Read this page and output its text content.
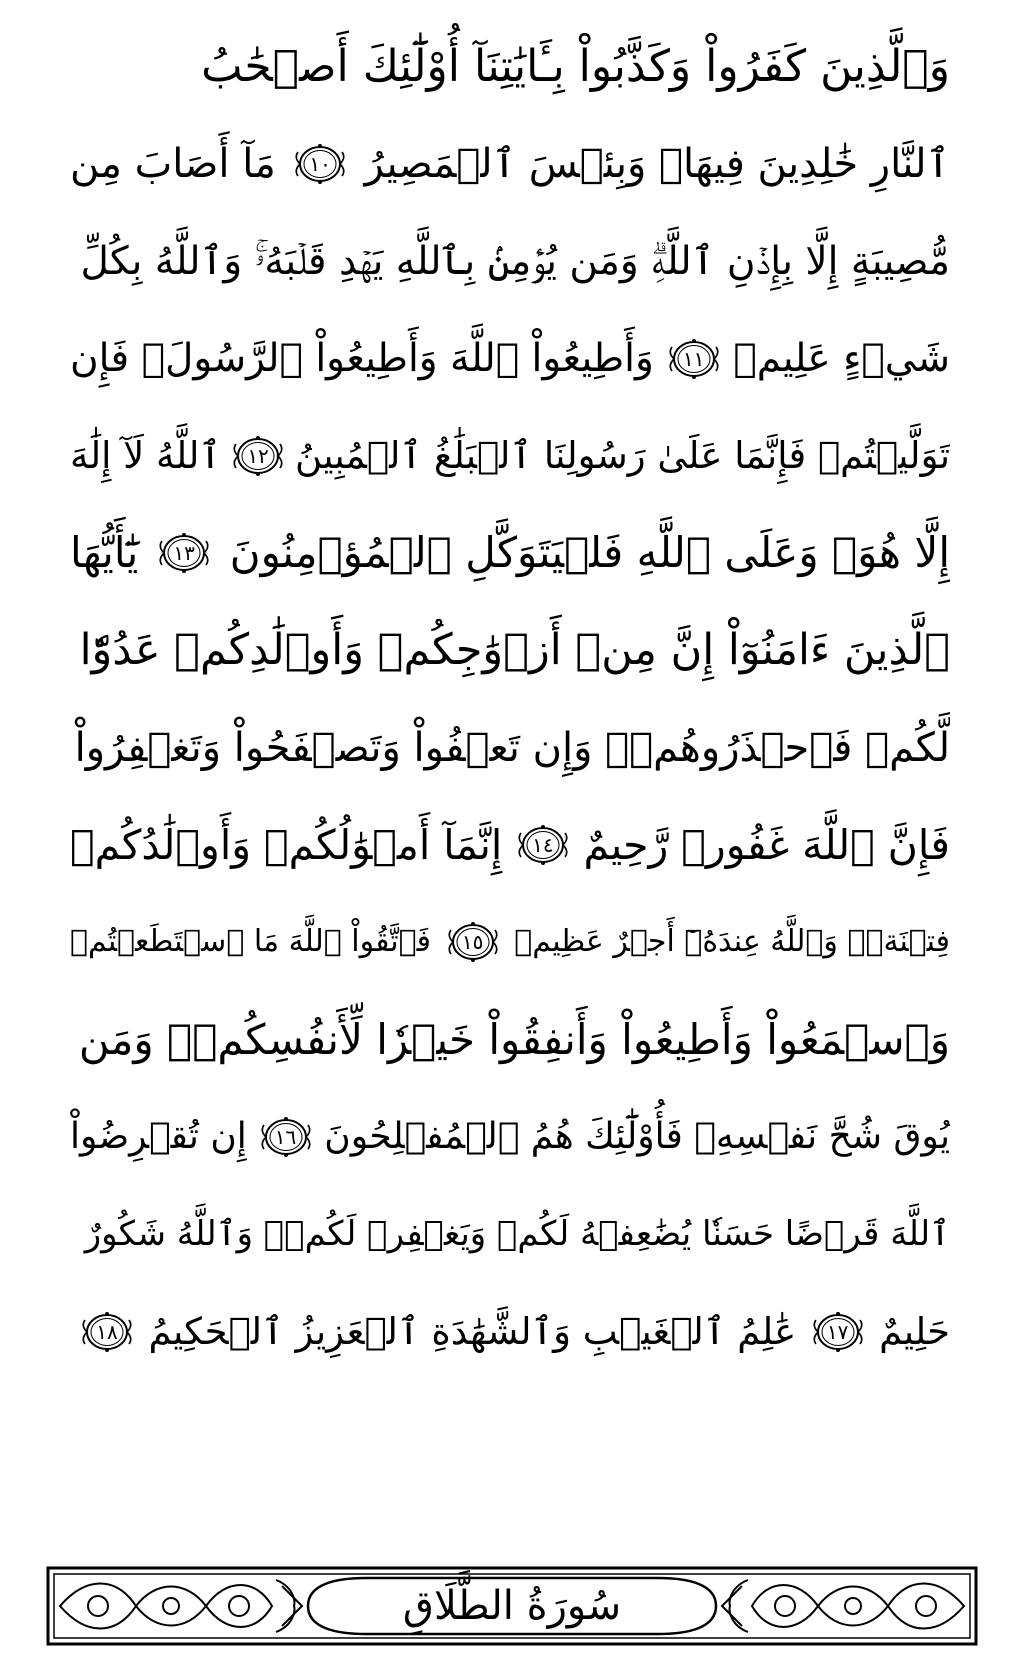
وَٱلَّذِينَ كَفَرُواْ وَكَذَّبُواْ بِـَٔايَٰتِنَآ أُوْلَٰٓئِكَ أَصۡحَٰبُ
ٱلنَّارِ خَٰلِدِينَ فِيهَاۖ وَبِئۡسَ ٱلۡمَصِيرُ
١٠
مَآ أَصَابَ مِن
مُّصِيبَةٍ إِلَّا بِإِذۡنِ ٱللَّهِۗ وَمَن يُؤۡمِنۢ بِٱللَّهِ يَهۡدِ قَلۡبَهُۥۚ وَٱللَّهُ بِكُلِّ
شَيۡءٍ عَلِيمٞ
١١
وَأَطِيعُواْ ٱللَّهَ وَأَطِيعُواْ ٱلرَّسُولَۚ فَإِن
تَوَلَّيۡتُمۡ فَإِنَّمَا عَلَىٰ رَسُولِنَا ٱلۡبَلَٰغُ ٱلۡمُبِينُ
١٢
ٱللَّهُ لَآ إِلَٰهَ
إِلَّا هُوَۚ وَعَلَى ٱللَّهِ فَلۡيَتَوَكَّلِ ٱلۡمُؤۡمِنُونَ
١٣
يَٰٓأَيُّهَا
ٱلَّذِينَ ءَامَنُوٓاْ إِنَّ مِنۡ أَزۡوَٰجِكُمۡ وَأَوۡلَٰدِكُمۡ عَدُوّٗا
لَّكُمۡ فَٱحۡذَرُوهُمۡۚ وَإِن تَعۡفُواْ وَتَصۡفَحُواْ وَتَغۡفِرُواْ
فَإِنَّ ٱللَّهَ غَفُورٞ رَّحِيمٌ
١٤
إِنَّمَآ أَمۡوَٰلُكُمۡ وَأَوۡلَٰدُكُمۡ
فِتۡنَةٞۚ وَٱللَّهُ عِندَهُۥٓ أَجۡرٌ عَظِيمٞ
١٥
فَٱتَّقُواْ ٱللَّهَ مَا ٱسۡتَطَعۡتُمۡ
وَٱسۡمَعُواْ وَأَطِيعُواْ وَأَنفِقُواْ خَيۡرٗا لِّأَنفُسِكُمۡۗ وَمَن
يُوقَ شُحَّ نَفۡسِهِۦ فَأُوْلَٰٓئِكَ هُمُ ٱلۡمُفۡلِحُونَ
١٦
إِن تُقۡرِضُواْ
ٱللَّهَ قَرۡضًا حَسَنٗا يُضَٰعِفۡهُ لَكُمۡ وَيَغۡفِرۡ لَكُمۡۚ وَٱللَّهُ شَكُورٌ
حَلِيمٌ
١٧
عَٰلِمُ ٱلۡغَيۡبِ وَٱلشَّهَٰدَةِ ٱلۡعَزِيزُ ٱلۡحَكِيمُ
١٨
سُورَةُ الطَّلَاقِ
